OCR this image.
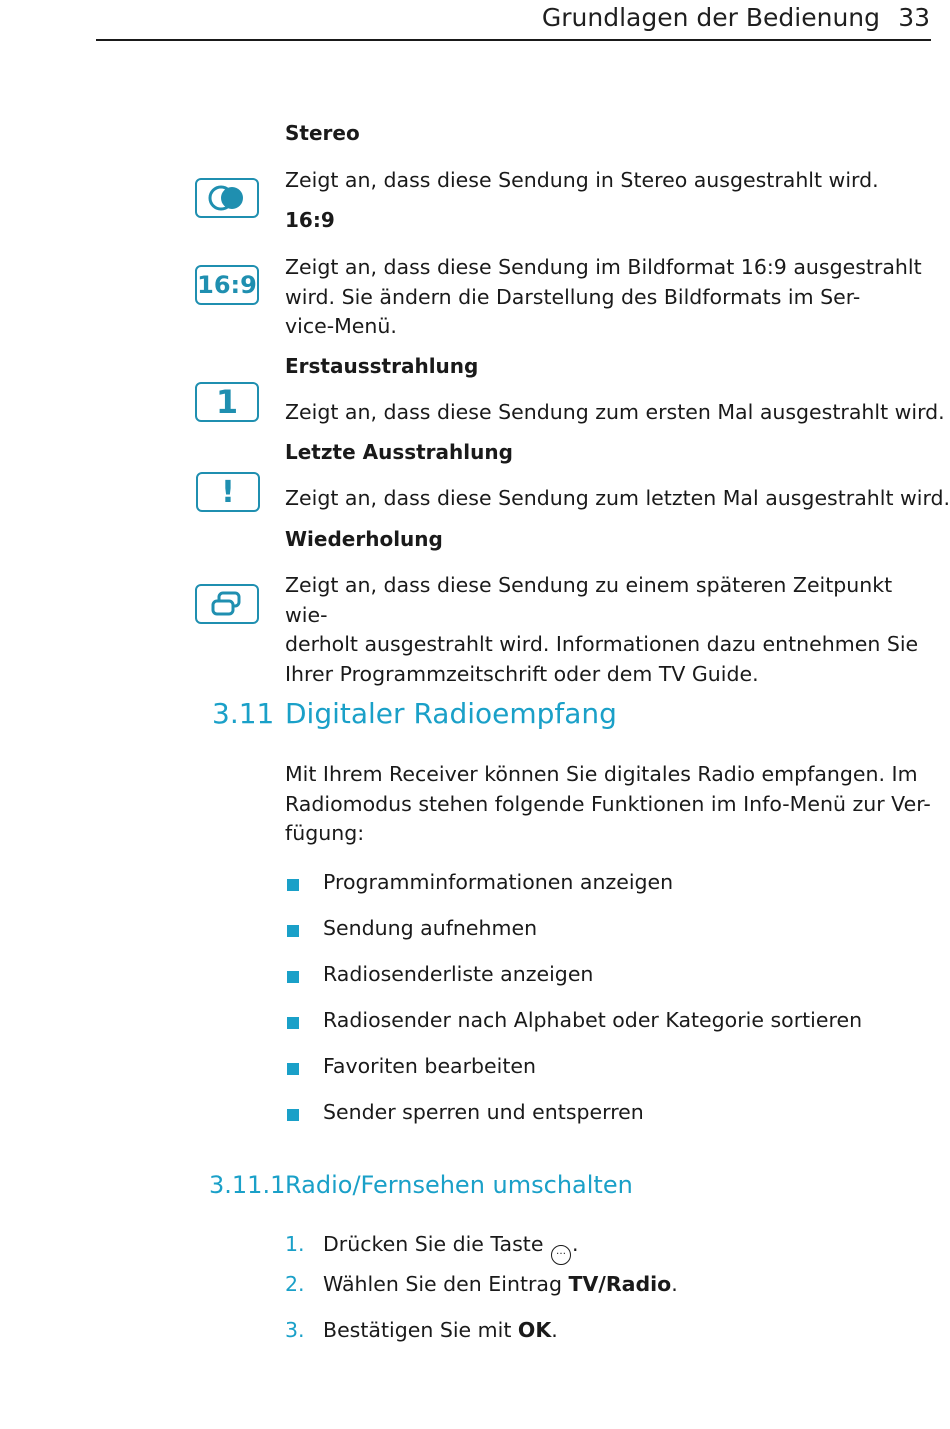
Grundlagen der Bedienung 33
Stereo
Zeigt an, dass diese Sendung in Stereo ausgestrahlt wird.
16:9
16:9
Zeigt an, dass diese Sendung im Bildformat 16:9 ausgestrahlt
wird. Sie ändern die Darstellung des Bildformats im Ser-
vice-Menü.
Erstausstrahlung
1	Zeigt an, dass diese Sendung zum ersten Mal ausgestrahlt wird.
Letzte Ausstrahlung
!	Zeigt an, dass diese Sendung zum letzten Mal ausgestrahlt wird.
Wiederholung
Zeigt an, dass diese Sendung zu einem späteren Zeitpunkt wie-
derholt ausgestrahlt wird. Informationen dazu entnehmen Sie
Ihrer Programmzeitschrift oder dem TV Guide.
3.11 Digitaler Radioempfang
Mit Ihrem Receiver können Sie digitales Radio empfangen. Im
Radiomodus stehen folgende Funktionen im Info-Menü zur Ver-
fügung:
Programminformationen anzeigen
Sendung aufnehmen
Radiosenderliste anzeigen
Radiosender nach Alphabet oder Kategorie sortieren
Favoriten bearbeiten
Sender sperren und entsperren
3.11.1 Radio/Fernsehen umschalten
1. Drücken Sie die Taste … .
2. Wählen Sie den Eintrag TV/Radio.
3. Bestätigen Sie mit OK.
